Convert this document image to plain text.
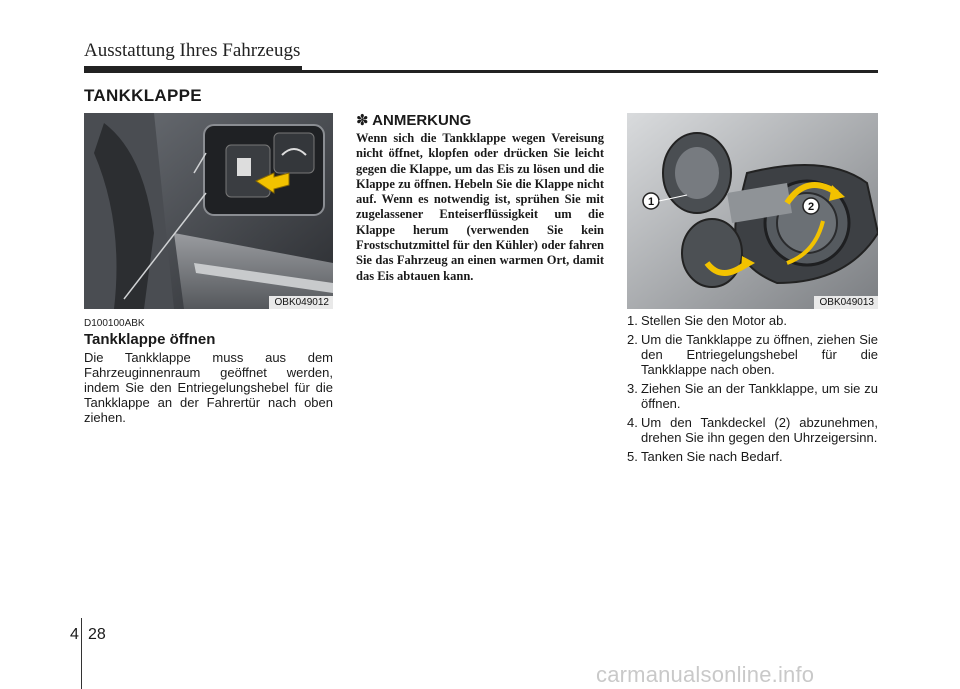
Ausstattung Ihres Fahrzeugs
TANKKLAPPE
OBK049012
D100100ABK
Tankklappe öffnen
Die Tankklappe muss aus dem Fahrzeuginnenraum geöffnet werden, indem Sie den Entriegelungshebel für die Tankklappe an der Fahrertür nach oben ziehen.
✽ ANMERKUNG
Wenn sich die Tankklappe wegen Vereisung nicht öffnet, klopfen oder drücken Sie leicht gegen die Klappe, um das Eis zu lösen und die Klappe zu öffnen. Hebeln Sie die Klappe nicht auf. Wenn es notwendig ist, sprühen Sie mit zugelassener Enteiserflüssigkeit um die Klappe herum (verwenden Sie kein Frostschutzmittel für den Kühler) oder fahren Sie das Fahrzeug an einen warmen Ort, damit das Eis abtauen kann.
1	2
OBK049013
1. Stellen Sie den Motor ab.
2. Um die Tankklappe zu öffnen, ziehen Sie den Entriegelungshebel für die Tankklappe nach oben.
3. Ziehen Sie an der Tankklappe, um sie zu öffnen.
4. Um den Tankdeckel (2) abzunehmen, drehen Sie ihn gegen den Uhrzeigersinn.
5. Tanken Sie nach Bedarf.
4 28
carmanualsonline.info
